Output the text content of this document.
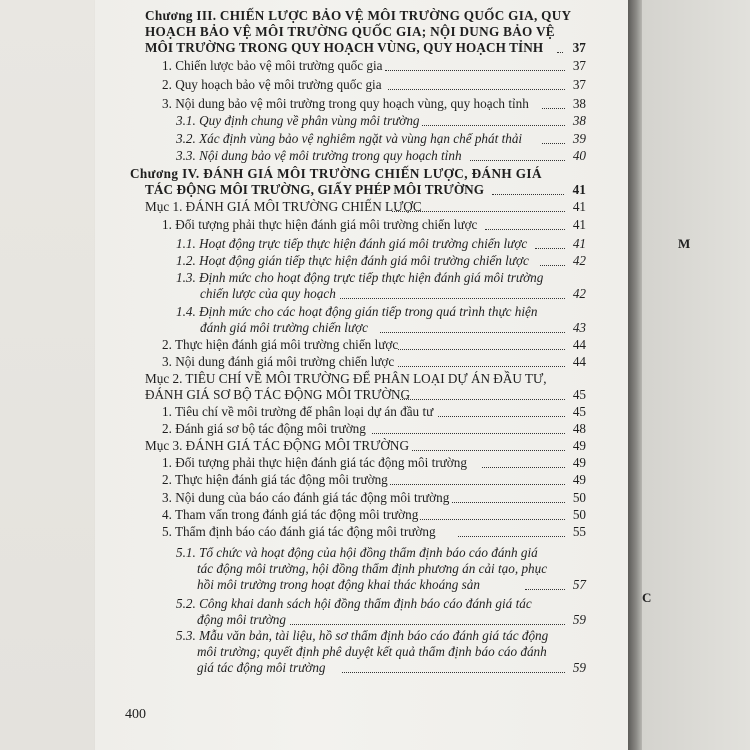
M
C
Chương III. CHIẾN LƯỢC BẢO VỆ MÔI TRƯỜNG QUỐC GIA, QUY
HOẠCH BẢO VỆ MÔI TRƯỜNG QUỐC GIA; NỘI DUNG BẢO VỆ
MÔI TRƯỜNG TRONG QUY HOẠCH VÙNG, QUY HOẠCH TỈNH	37
1. Chiến lược bảo vệ môi trường quốc gia	37
2. Quy hoạch bảo vệ môi trường quốc gia	37
3. Nội dung bảo vệ môi trường trong quy hoạch vùng, quy hoạch tỉnh	38
3.1. Quy định chung về phân vùng môi trường	38
3.2. Xác định vùng bảo vệ nghiêm ngặt và vùng hạn chế phát thải	39
3.3. Nội dung bảo vệ môi trường trong quy hoạch tỉnh	40
Chương IV. ĐÁNH GIÁ MÔI TRƯỜNG CHIẾN LƯỢC, ĐÁNH GIÁ
TÁC ĐỘNG MÔI TRƯỜNG, GIẤY PHÉP MÔI TRƯỜNG	41
Mục 1. ĐÁNH GIÁ MÔI TRƯỜNG CHIẾN LƯỢC	41
1. Đối tượng phải thực hiện đánh giá môi trường chiến lược	41
1.1. Hoạt động trực tiếp thực hiện đánh giá môi trường chiến lược	41
1.2. Hoạt động gián tiếp thực hiện đánh giá môi trường chiến lược	42
1.3. Định mức cho hoạt động trực tiếp thực hiện đánh giá môi trường
chiến lược của quy hoạch	42
1.4. Định mức cho các hoạt động gián tiếp trong quá trình thực hiện
đánh giá môi trường chiến lược	43
2. Thực hiện đánh giá môi trường chiến lược	44
3. Nội dung đánh giá môi trường chiến lược	44
Mục 2. TIÊU CHÍ VỀ MÔI TRƯỜNG ĐỂ PHÂN LOẠI DỰ ÁN ĐẦU TƯ,
ĐÁNH GIÁ SƠ BỘ TÁC ĐỘNG MÔI TRƯỜNG	45
1. Tiêu chí về môi trường để phân loại dự án đầu tư	45
2. Đánh giá sơ bộ tác động môi trường	48
Mục 3. ĐÁNH GIÁ TÁC ĐỘNG MÔI TRƯỜNG	49
1. Đối tượng phải thực hiện đánh giá tác động môi trường	49
2. Thực hiện đánh giá tác động môi trường	49
3. Nội dung của báo cáo đánh giá tác động môi trường	50
4. Tham vấn trong đánh giá tác động môi trường	50
5. Thẩm định báo cáo đánh giá tác động môi trường	55
5.1. Tổ chức và hoạt động của hội đồng thẩm định báo cáo đánh giá
tác động môi trường, hội đồng thẩm định phương án cải tạo, phục
hồi môi trường trong hoạt động khai thác khoáng sản	57
5.2. Công khai danh sách hội đồng thẩm định báo cáo đánh giá tác
động môi trường	59
5.3. Mẫu văn bản, tài liệu, hồ sơ thẩm định báo cáo đánh giá tác động
môi trường; quyết định phê duyệt kết quả thẩm định báo cáo đánh
giá tác động môi trường	59
400
